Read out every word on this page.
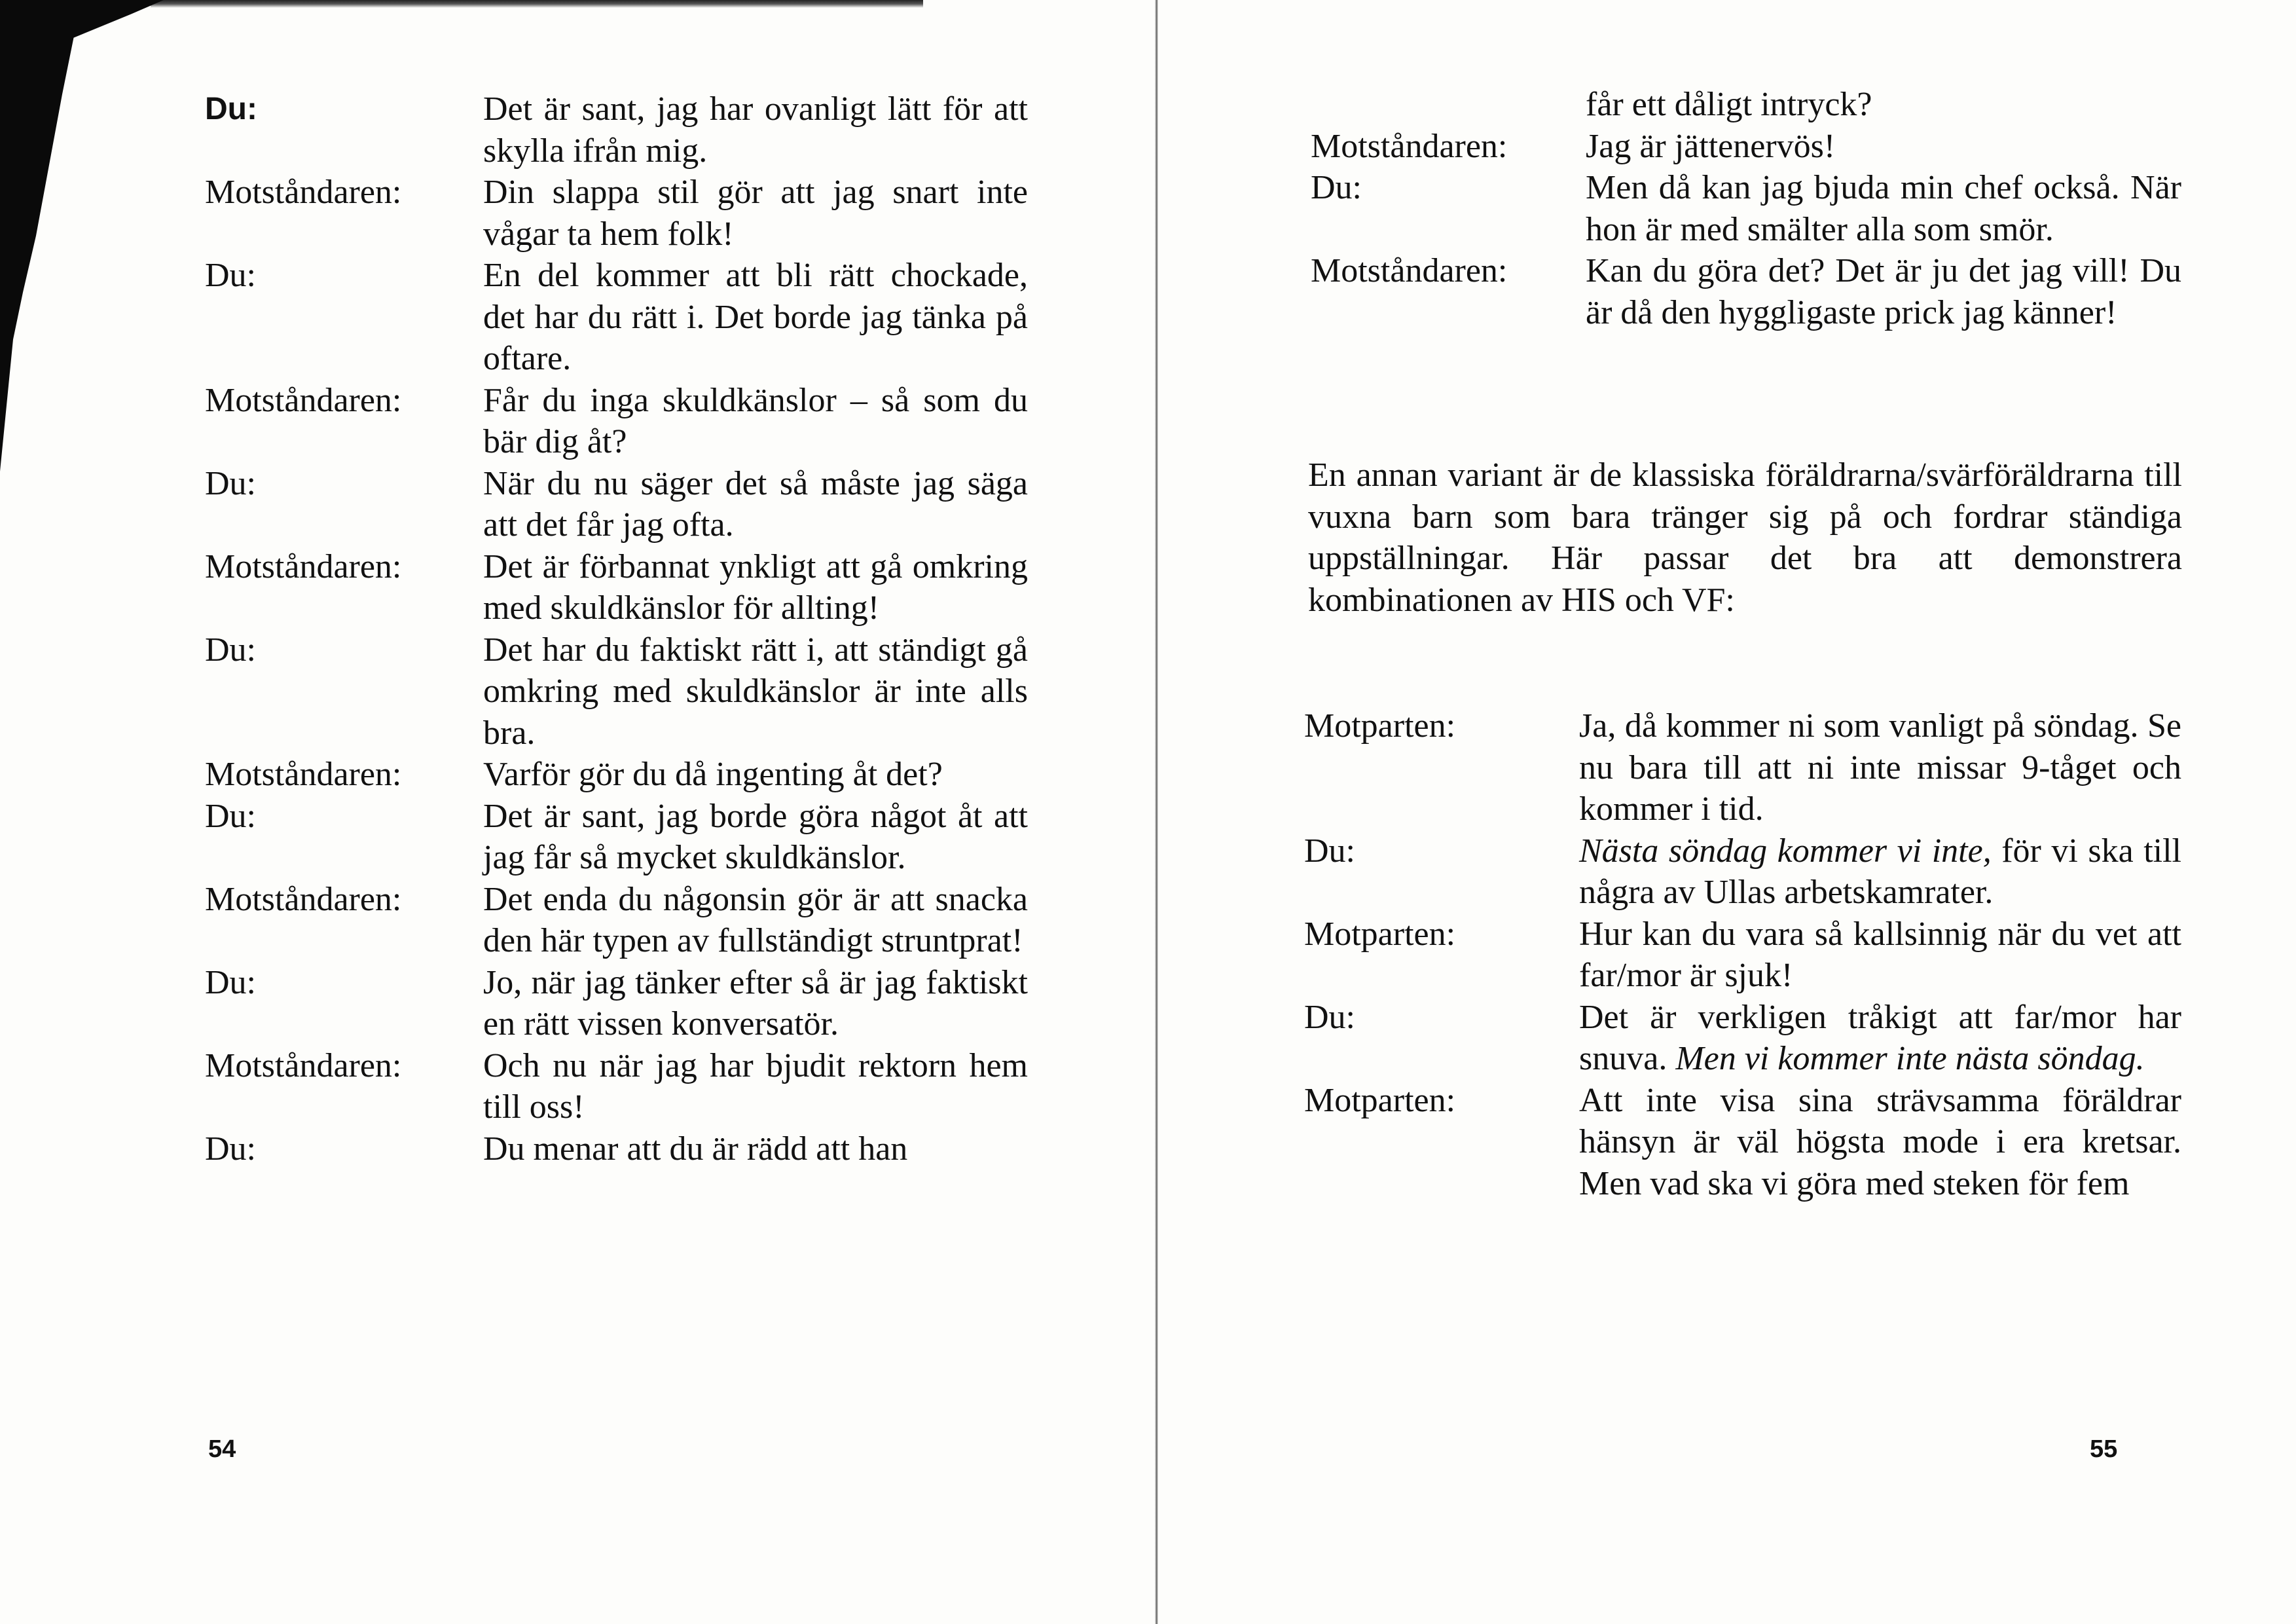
Du:	Det är sant, jag har ovanligt lätt för att skylla ifrån mig.
Motståndaren:	Din slappa stil gör att jag snart inte vågar ta hem folk!
Du:	En del kommer att bli rätt chockade, det har du rätt i. Det borde jag tänka på oftare.
Motståndaren:	Får du inga skuldkänslor – så som du bär dig åt?
Du:	När du nu säger det så måste jag säga att det får jag ofta.
Motståndaren:	Det är förbannat ynkligt att gå omkring med skuldkänslor för allting!
Du:	Det har du faktiskt rätt i, att ständigt gå omkring med skuldkänslor är inte alls bra.
Motståndaren:	Varför gör du då ingenting åt det?
Du:	Det är sant, jag borde göra något åt att jag får så mycket skuldkänslor.
Motståndaren:	Det enda du någonsin gör är att snacka den här typen av fullständigt struntprat!
Du:	Jo, när jag tänker efter så är jag faktiskt en rätt vissen konversatör.
Motståndaren:	Och nu när jag har bjudit rektorn hem till oss!
Du:	Du menar att du är rädd att han
54
får ett dåligt intryck?
Motståndaren:	Jag är jättenervös!
Du:	Men då kan jag bjuda min chef också. När hon är med smälter alla som smör.
Motståndaren:	Kan du göra det? Det är ju det jag vill! Du är då den hyggligaste prick jag känner!

En annan variant är de klassiska föräldrarna/svärföräldrarna till vuxna barn som bara tränger sig på och fordrar ständiga uppställningar. Här passar det bra att demonstrera kombinationen av HIS och VF:

Motparten:	Ja, då kommer ni som vanligt på söndag. Se nu bara till att ni inte missar 9-tåget och kommer i tid.
Du:	Nästa söndag kommer vi inte, för vi ska till några av Ullas arbetskamrater.
Motparten:	Hur kan du vara så kallsinnig när du vet att far/mor är sjuk!
Du:	Det är verkligen tråkigt att far/mor har snuva. Men vi kommer inte nästa söndag.
Motparten:	Att inte visa sina strävsamma föräldrar hänsyn är väl högsta mode i era kretsar. Men vad ska vi göra med steken för fem
55
